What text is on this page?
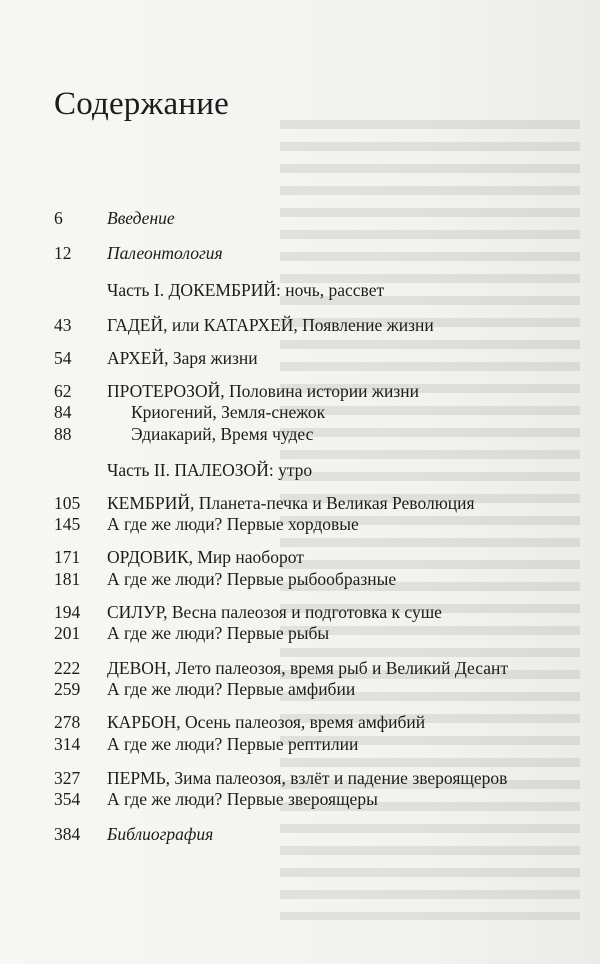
Содержание
6	Введение
12 Палеонтология
Часть I. ДОКЕМБРИЙ: ночь, рассвет
43 ГАДЕЙ, или КАТАРХЕЙ, Появление жизни
54 АРХЕЙ, Заря жизни
62 ПРОТЕРОЗОЙ, Половина истории жизни
84	Криогений, Земля-снежок
88	Эдиакарий, Время чудес
Часть II. ПАЛЕОЗОЙ: утро
105 КЕМБРИЙ, Планета-печка и Великая Революция
145 А где же люди? Первые хордовые
171 ОРДОВИК, Мир наоборот
181 А где же люди? Первые рыбообразные
194 СИЛУР, Весна палеозоя и подготовка к суше
201 А где же люди? Первые рыбы
222 ДЕВОН, Лето палеозоя, время рыб и Великий Десант
259 А где же люди? Первые амфибии
278 КАРБОН, Осень палеозоя, время амфибий
314 А где же люди? Первые рептилии
327 ПЕРМЬ, Зима палеозоя, взлёт и падение звероящеров
354 А где же люди? Первые звероящеры
384 Библиография
